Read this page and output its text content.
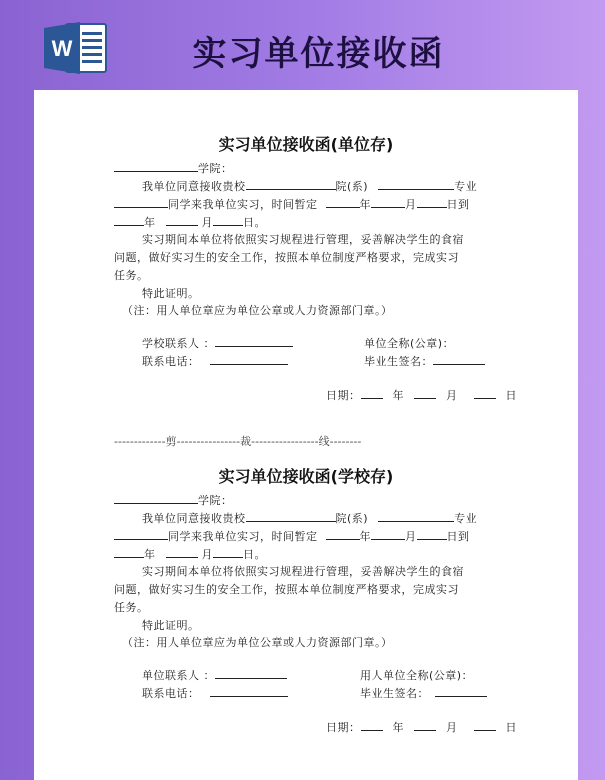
W	实习单位接收函
实习单位接收函(单位存)
学院：
我单位同意接收贵校	院(系)	专业
同学来我单位实习，时间暂定	年	月	日到
年	月	日。
实习期间本单位将依照实习规程进行管理，妥善解决学生的食宿
问题，做好实习生的安全工作，按照本单位制度严格要求，完成实习
任务。
特此证明。
（注：用人单位章应为单位公章或人力资源部门章。）
学校联系人 ：	单位全称(公章)：
联系电话：	毕业生签名：
日期：	年	月	日
-------------剪----------------裁-----------------线--------
实习单位接收函(学校存)
学院：
我单位同意接收贵校	院(系)	专业
同学来我单位实习，时间暂定	年	月	日到
年	月	日。
实习期间本单位将依照实习规程进行管理，妥善解决学生的食宿
问题，做好实习生的安全工作，按照本单位制度严格要求，完成实习
任务。
特此证明。
（注：用人单位章应为单位公章或人力资源部门章。）
单位联系人 ：	用人单位全称(公章)：
联系电话：	毕业生签名：
日期：	年	月	日
